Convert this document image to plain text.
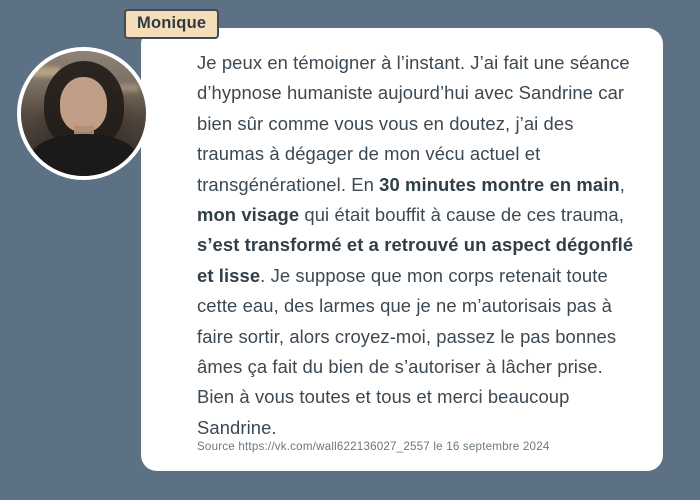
Je peux en témoigner à l’instant. J’ai fait une séance d’hypnose humaniste aujourd’hui avec Sandrine car bien sûr comme vous vous en doutez, j’ai des traumas à dégager de mon vécu actuel et transgénérationel. En 30 minutes montre en main, mon visage qui était bouffit à cause de ces trauma, s’est transformé et a retrouvé un aspect dégonflé et lisse. Je suppose que mon corps retenait toute cette eau, des larmes que je ne m’autorisais pas à faire sortir, alors croyez-moi, passez le pas bonnes âmes ça fait du bien de s’autoriser à lâcher prise. Bien à vous toutes et tous et merci beaucoup Sandrine.

Source https://vk.com/wall622136027_2557 le 16 septembre 2024
Monique
